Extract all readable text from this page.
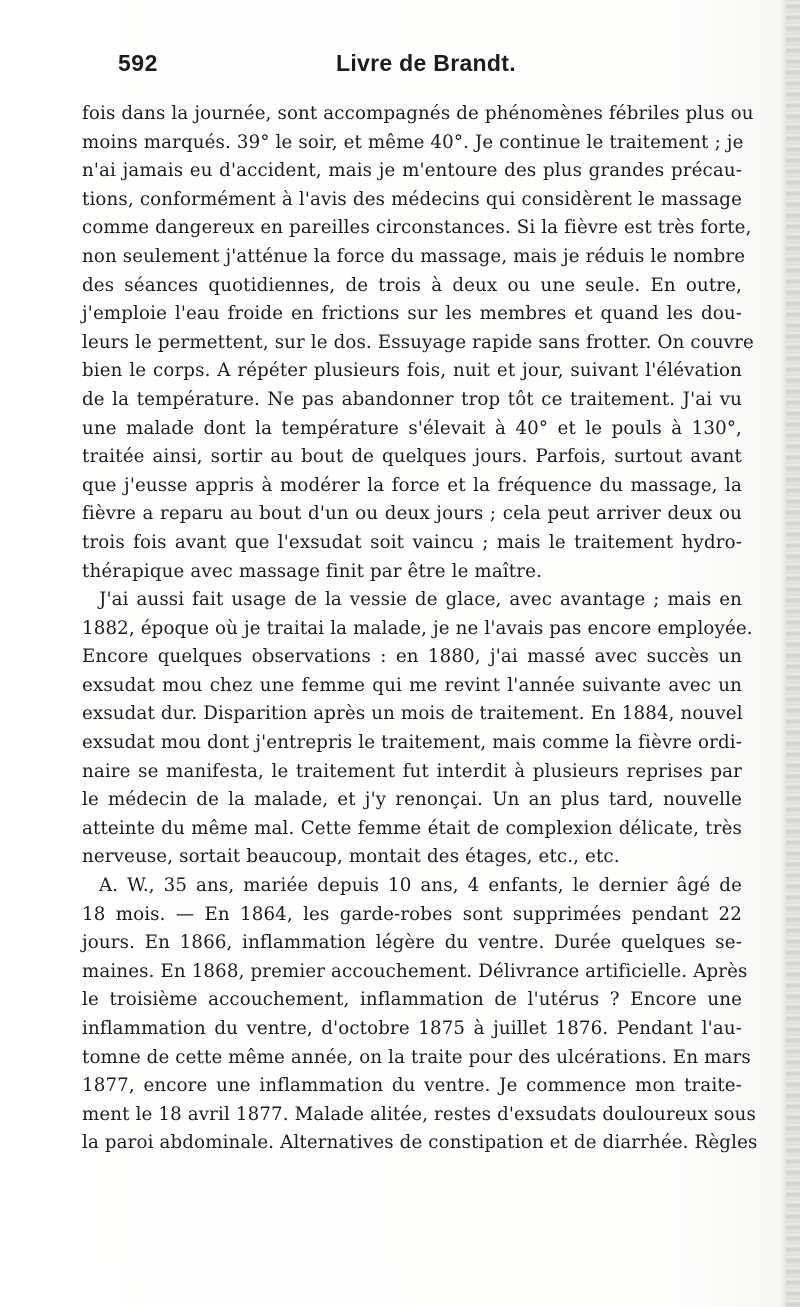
592	Livre de Brandt.
fois dans la journée, sont accompagnés de phénomènes fébriles plus ou
moins marqués. 39° le soir, et même 40°. Je continue le traitement ; je
n'ai jamais eu d'accident, mais je m'entoure des plus grandes précau-
tions, conformément à l'avis des médecins qui considèrent le massage
comme dangereux en pareilles circonstances. Si la fièvre est très forte,
non seulement j'atténue la force du massage, mais je réduis le nombre
des séances quotidiennes, de trois à deux ou une seule. En outre,
j'emploie l'eau froide en frictions sur les membres et quand les dou-
leurs le permettent, sur le dos. Essuyage rapide sans frotter. On couvre
bien le corps. A répéter plusieurs fois, nuit et jour, suivant l'élévation
de la température. Ne pas abandonner trop tôt ce traitement. J'ai vu
une malade dont la température s'élevait à 40° et le pouls à 130°,
traitée ainsi, sortir au bout de quelques jours. Parfois, surtout avant
que j'eusse appris à modérer la force et la fréquence du massage, la
fièvre a reparu au bout d'un ou deux jours ; cela peut arriver deux ou
trois fois avant que l'exsudat soit vaincu ; mais le traitement hydro-
thérapique avec massage finit par être le maître.
J'ai aussi fait usage de la vessie de glace, avec avantage ; mais en
1882, époque où je traitai la malade, je ne l'avais pas encore employée.
Encore quelques observations : en 1880, j'ai massé avec succès un
exsudat mou chez une femme qui me revint l'année suivante avec un
exsudat dur. Disparition après un mois de traitement. En 1884, nouvel
exsudat mou dont j'entrepris le traitement, mais comme la fièvre ordi-
naire se manifesta, le traitement fut interdit à plusieurs reprises par
le médecin de la malade, et j'y renonçai. Un an plus tard, nouvelle
atteinte du même mal. Cette femme était de complexion délicate, très
nerveuse, sortait beaucoup, montait des étages, etc., etc.
A. W., 35 ans, mariée depuis 10 ans, 4 enfants, le dernier âgé de
18 mois. — En 1864, les garde-robes sont supprimées pendant 22
jours. En 1866, inflammation légère du ventre. Durée quelques se-
maines. En 1868, premier accouchement. Délivrance artificielle. Après
le troisième accouchement, inflammation de l'utérus ? Encore une
inflammation du ventre, d'octobre 1875 à juillet 1876. Pendant l'au-
tomne de cette même année, on la traite pour des ulcérations. En mars
1877, encore une inflammation du ventre. Je commence mon traite-
ment le 18 avril 1877. Malade alitée, restes d'exsudats douloureux sous
la paroi abdominale. Alternatives de constipation et de diarrhée. Règles
